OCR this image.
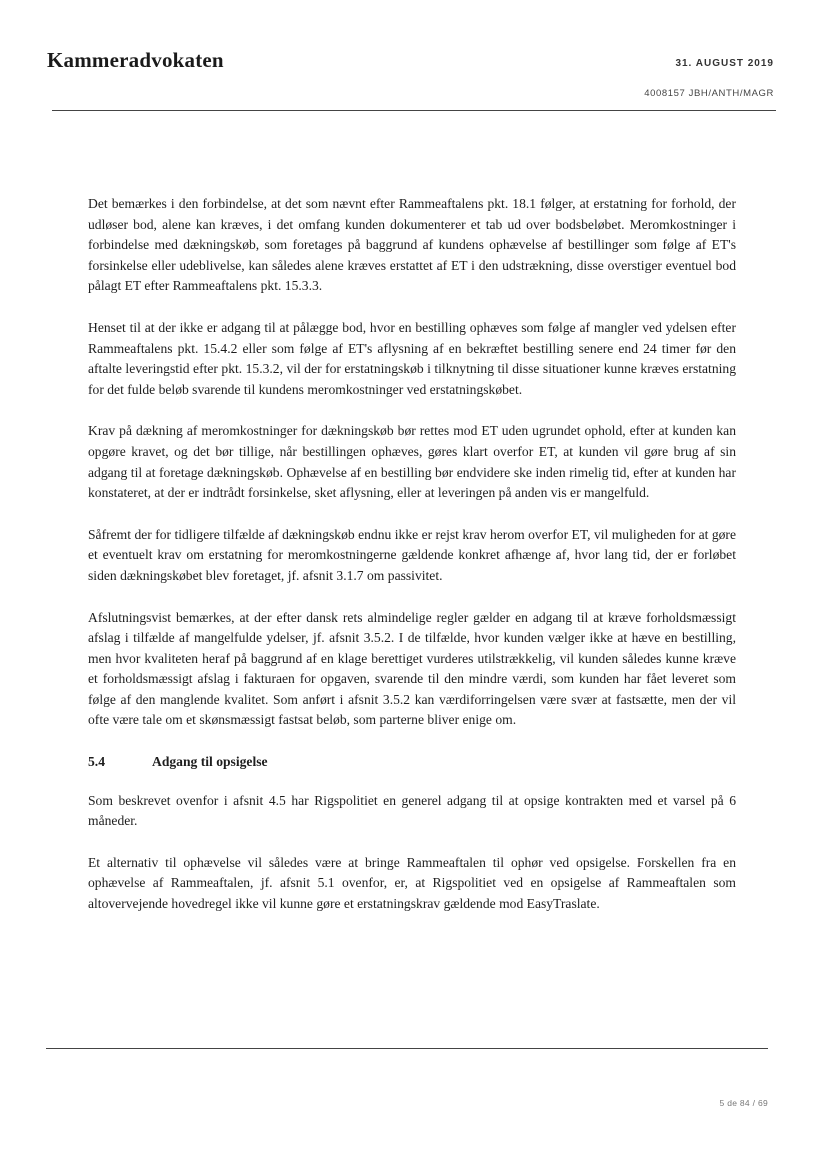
Kammeradvokaten	31. AUGUST 2019
4008157 JBH/ANTH/MAGR

Det bemærkes i den forbindelse, at det som nævnt efter Rammeaftalens pkt. 18.1 følger, at erstatning for forhold, der udløser bod, alene kan kræves, i det omfang kunden dokumenterer et tab ud over bodsbeløbet. Meromkostninger i forbindelse med dækningskøb, som foretages på baggrund af kundens ophævelse af bestillinger som følge af ET's forsinkelse eller udeblivelse, kan således alene kræves erstattet af ET i den udstrækning, disse overstiger eventuel bod pålagt ET efter Rammeaftalens pkt. 15.3.3.

Henset til at der ikke er adgang til at pålægge bod, hvor en bestilling ophæves som følge af mangler ved ydelsen efter Rammeaftalens pkt. 15.4.2 eller som følge af ET's aflysning af en bekræftet bestilling senere end 24 timer før den aftalte leveringstid efter pkt. 15.3.2, vil der for erstatningskøb i tilknytning til disse situationer kunne kræves erstatning for det fulde beløb svarende til kundens meromkostninger ved erstatningskøbet.

Krav på dækning af meromkostninger for dækningskøb bør rettes mod ET uden ugrundet ophold, efter at kunden kan opgøre kravet, og det bør tillige, når bestillingen ophæves, gøres klart overfor ET, at kunden vil gøre brug af sin adgang til at foretage dækningskøb. Ophævelse af en bestilling bør endvidere ske inden rimelig tid, efter at kunden har konstateret, at der er indtrådt forsinkelse, sket aflysning, eller at leveringen på anden vis er mangelfuld.

Såfremt der for tidligere tilfælde af dækningskøb endnu ikke er rejst krav herom overfor ET, vil muligheden for at gøre et eventuelt krav om erstatning for meromkostningerne gældende konkret afhænge af, hvor lang tid, der er forløbet siden dækningskøbet blev foretaget, jf. afsnit 3.1.7 om passivitet.

Afslutningsvist bemærkes, at der efter dansk rets almindelige regler gælder en adgang til at kræve forholdsmæssigt afslag i tilfælde af mangelfulde ydelser, jf. afsnit 3.5.2. I de tilfælde, hvor kunden vælger ikke at hæve en bestilling, men hvor kvaliteten heraf på baggrund af en klage berettiget vurderes utilstrækkelig, vil kunden således kunne kræve et forholdsmæssigt afslag i fakturaen for opgaven, svarende til den mindre værdi, som kunden har fået leveret som følge af den manglende kvalitet. Som anført i afsnit 3.5.2 kan værdiforringelsen være svær at fastsætte, men der vil ofte være tale om et skønsmæssigt fastsat beløb, som parterne bliver enige om.

5.4	Adgang til opsigelse

Som beskrevet ovenfor i afsnit 4.5 har Rigspolitiet en generel adgang til at opsige kontrakten med et varsel på 6 måneder.

Et alternativ til ophævelse vil således være at bringe Rammeaftalen til ophør ved opsigelse. Forskellen fra en ophævelse af Rammeaftalen, jf. afsnit 5.1 ovenfor, er, at Rigspolitiet ved en opsigelse af Rammeaftalen som altovervejende hovedregel ikke vil kunne gøre et erstatningskrav gældende mod EasyTraslate.

5 de 84 / 69
